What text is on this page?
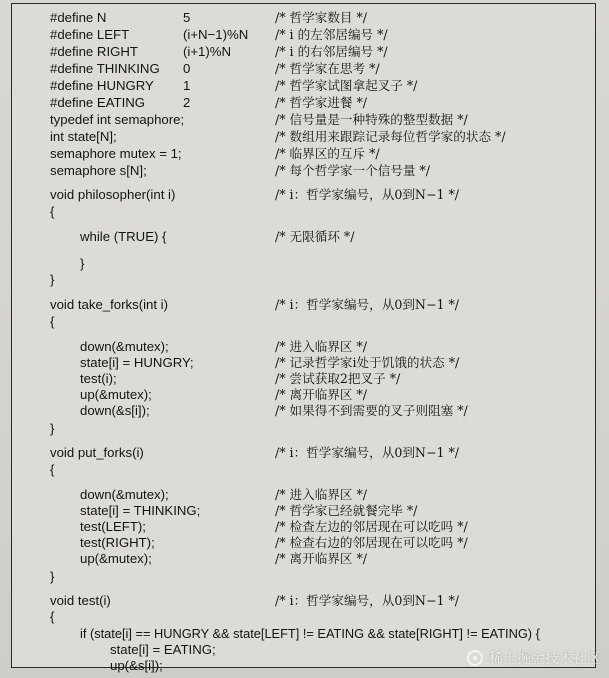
#define N	5	/* 哲学家数目 */
#define LEFT	(i+N−1)%N /* i 的左邻居编号 */
#define RIGHT	(i+1)%N	/* i 的右邻居编号 */
#define THINKING 0	/* 哲学家在思考 */
#define HUNGRY 1	/* 哲学家试图拿起叉子 */
#define EATING	2	/* 哲学家进餐 */
typedef int semaphore;	/* 信号量是一种特殊的整型数据 */
int state[N];	/* 数组用来跟踪记录每位哲学家的状态 */
semaphore mutex = 1;	/* 临界区的互斥 */
semaphore s[N];	/* 每个哲学家一个信号量 */
void philosopher(int i)	/* i：哲学家编号，从0到N−1 */
{
while (TRUE) {	/* 无限循环 */
}
}
void take_forks(int i)	/* i：哲学家编号，从0到N−1 */
{
down(&mutex);	/* 进入临界区 */
state[i] = HUNGRY;	/* 记录哲学家i处于饥饿的状态 */
test(i);	/* 尝试获取2把叉子 */
up(&mutex);	/* 离开临界区 */
down(&s[i]);	/* 如果得不到需要的叉子则阻塞 */
}
void put_forks(i)	/* i：哲学家编号，从0到N−1 */
{
down(&mutex);	/* 进入临界区 */
state[i] = THINKING;	/* 哲学家已经就餐完毕 */
test(LEFT);	/* 检查左边的邻居现在可以吃吗 */
test(RIGHT);	/* 检查右边的邻居现在可以吃吗 */
up(&mutex);	/* 离开临界区 */
}
void test(i)	/* i：哲学家编号，从0到N−1 */
{
if (state[i] == HUNGRY && state[LEFT] != EATING && state[RIGHT] != EATING) {
state[i] = EATING;
up(&s[i]);	稀土掘金技术社区
